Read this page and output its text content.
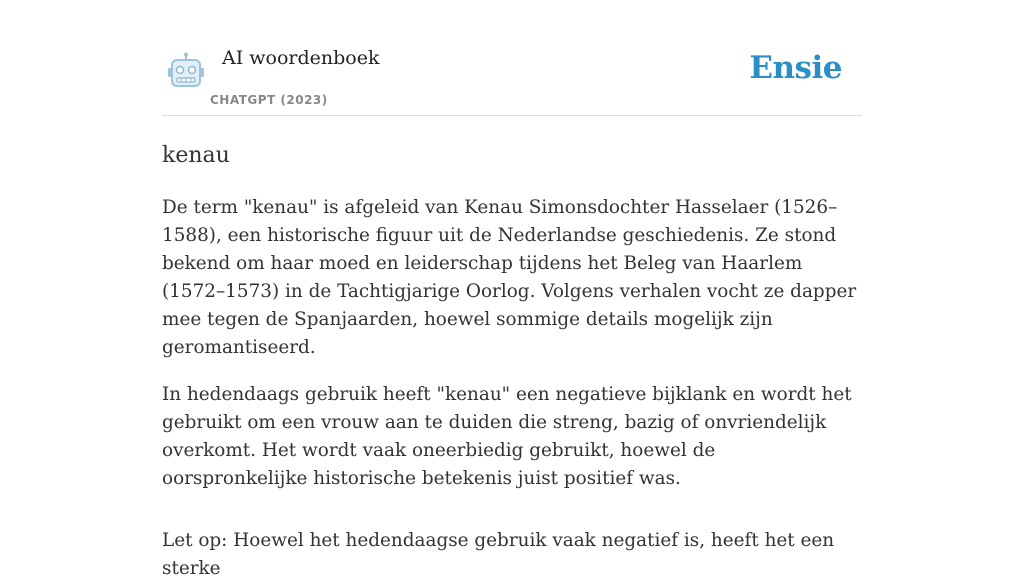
AI woordenboek
CHATGPT (2023)
Ensie
kenau

De term "kenau" is afgeleid van Kenau Simonsdochter Hasselaer (1526–1588), een historische figuur uit de Nederlandse geschiedenis. Ze stond bekend om haar moed en leiderschap tijdens het Beleg van Haarlem (1572–1573) in de Tachtigjarige Oorlog. Volgens verhalen vocht ze dapper mee tegen de Spanjaarden, hoewel sommige details mogelijk zijn geromantiseerd.

In hedendaags gebruik heeft "kenau" een negatieve bijklank en wordt het gebruikt om een vrouw aan te duiden die streng, bazig of onvriendelijk overkomt. Het wordt vaak oneerbiedig gebruikt, hoewel de oorspronkelijke historische betekenis juist positief was.

Let op: Hoewel het hedendaagse gebruik vaak negatief is, heeft het een sterke
